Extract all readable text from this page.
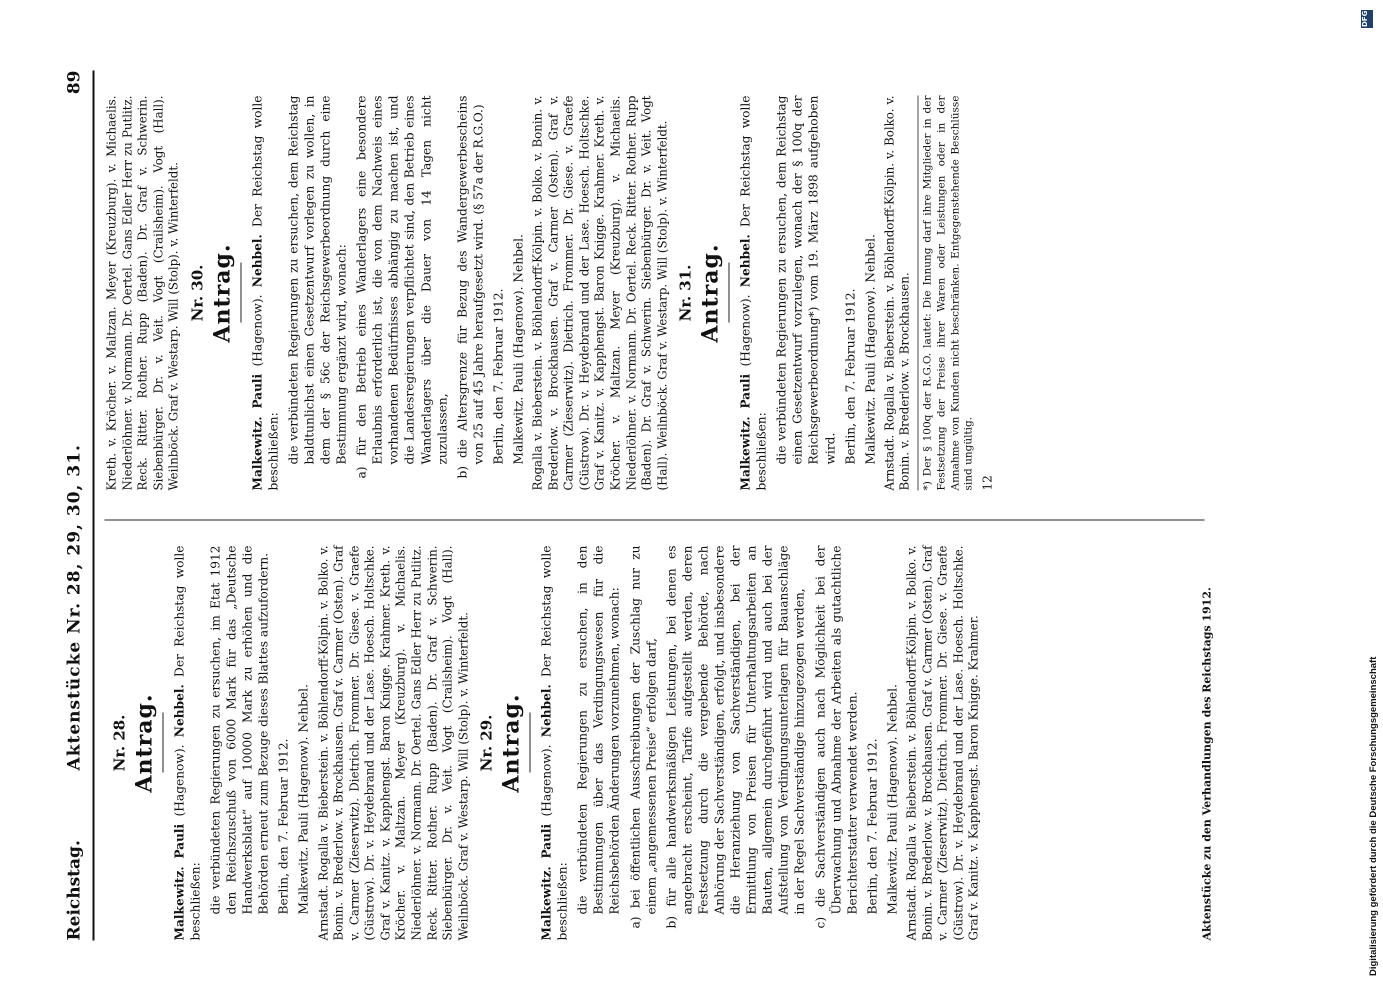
Reichstag.
Aktenstücke Nr. 28, 29, 30, 31.
89
Nr. 28. Antrag.

Malkewitz. Pauli (Hagenow). Nehbel. Der Reichstag wolle beschließen: die verbündeten Regierungen zu ersuchen, im Etat 1912 den Reichszuschuß von 6000 Mark für das „Deutsche Handwerksblatt“ auf 10000 Mark zu erhöhen und die Behörden erneut zum Bezuge dieses Blattes aufzufordern. Berlin, den 7. Februar 1912. Malkewitz. Pauli (Hagenow). Nehbel. Arnstadt. Rogalla v. Bieberstein. v. Böhlendorff-Kölpin. v. Bolko. v. Bonin. v. Brederlow. v. Brockhausen. Graf v. Carmer (Osten). Graf v. Carmer (Zieserwitz). Dietrich. Frommer. Dr. Giese. v. Graefe (Güstrow). Dr. v. Heydebrand und der Lase. Hoesch. Holtschke. Graf v. Kanitz. v. Kapphengst. Baron Knigge. Krahmer. Kreth. v. Kröcher. v. Maltzan. Meyer (Kreuzburg). v. Michaelis. Niederlöhner. v. Normann. Dr. Oertel. Gans Edler Herr zu Putlitz. Reck. Ritter. Rother. Rupp (Baden). Dr. Graf v. Schwerin. Siebenbürger. Dr. v. Veit. Vogt (Crailsheim). Vogt (Hall). Weilnböck. Graf v. Westarp. Will (Stolp). v. Winterfeldt. Nr. 29. Antrag.

Malkewitz. Pauli (Hagenow). Nehbel. Der Reichstag wolle beschließen: die verbündeten Regierungen zu ersuchen, in den Bestimmungen über das Verdingungswesen für die Reichsbehörden Änderungen vorzunehmen, wonach: a) bei öffentlichen Ausschreibungen der Zuschlag nur zu einem „angemessenen Preise“ erfolgen darf, b) für alle handwerksmäßigen Leistungen, bei denen es angebracht erscheint, Tarife aufgestellt werden, deren Festsetzung durch die vergebende Behörde, nach Anhörung der Sachverständigen, erfolgt, und insbesondere die Heranziehung von Sachverständigen, bei der Ermittlung von Preisen für Unterhaltungsarbeiten an Bauten, allgemein durchgeführt wird und auch bei der Aufstellung von Verdingungsunterlagen für Bauanschläge in der Regel Sachverständige hinzugezogen werden, c) die Sachverständigen auch nach Möglichkeit bei der Überwachung und Abnahme der Arbeiten als gutachtliche Berichterstatter verwendet werden. Berlin, den 7. Februar 1912. Malkewitz. Pauli (Hagenow). Nehbel. Arnstadt. Rogalla v. Bieberstein. v. Böhlendorff-Kölpin. v. Bolko. v. Bonin. v. Brederlow. v. Brockhausen. Graf v. Carmer (Osten). Graf v. Carmer (Zieserwitz). Dietrich. Frommer. Dr. Giese. v. Graefe (Güstrow). Dr. v. Heydebrand und der Lase. Hoesch. Holtschke. Graf v. Kanitz. v. Kapphengst. Baron Knigge. Krahmer.

Kreth. v. Kröcher. v. Maltzan. Meyer (Kreuzburg). v. Michaelis. Niederlöhner. v. Normann. Dr. Oertel. Gans Edler Herr zu Putlitz. Reck. Ritter. Rother. Rupp (Baden). Dr. Graf v. Schwerin. Siebenbürger. Dr. v. Veit. Vogt (Crailsheim). Vogt (Hall). Weilnböck. Graf v. Westarp. Will (Stolp). v. Winterfeldt. Nr. 30. Antrag.

Malkewitz. Pauli (Hagenow). Nehbel. Der Reichstag wolle beschließen: die verbündeten Regierungen zu ersuchen, dem Reichstag baldtunlichst einen Gesetzentwurf vorlegen zu wollen, in dem der § 56c der Reichsgewerbeordnung durch eine Bestimmung ergänzt wird, wonach: a) für den Betrieb eines Wanderlagers eine besondere Erlaubnis erforderlich ist, die von dem Nachweis eines vorhandenen Bedürfnisses abhängig zu machen ist, und die Landesregierungen verpflichtet sind, den Betrieb eines Wanderlagers über die Dauer von 14 Tagen nicht zuzulassen, b) die Altersgrenze für Bezug des Wandergewerbescheins von 25 auf 45 Jahre heraufgesetzt wird. (§ 57a der R.G.O.) Berlin, den 7. Februar 1912. Malkewitz. Pauli (Hagenow). Nehbel. Rogalla v. Bieberstein. v. Böhlendorff-Kölpin. v. Bolko. v. Bonin. v. Brederlow. v. Brockhausen. Graf v. Carmer (Osten). Graf v. Carmer (Zieserwitz). Dietrich. Frommer. Dr. Giese. v. Graefe (Güstrow). Dr. v. Heydebrand und der Lase. Hoesch. Holtschke. Graf v. Kanitz. v. Kapphengst. Baron Knigge. Krahmer. Kreth. v. Kröcher. v. Maltzan. Meyer (Kreuzburg). v. Michaelis. Niederlöhner. v. Normann. Dr. Oertel. Reck. Ritter. Rother. Rupp (Baden). Dr. Graf v. Schwerin. Siebenbürger. Dr. v. Veit. Vogt (Hall). Weilnböck. Graf v. Westarp. Will (Stolp). v. Winterfeldt. Nr. 31. Antrag.

Malkewitz. Pauli (Hagenow). Nehbel. Der Reichstag wolle beschließen: die verbündeten Regierungen zu ersuchen, dem Reichstag einen Gesetzentwurf vorzulegen, wonach der § 100q der Reichsgewerbeordnung*) vom 19. März 1898 aufgehoben wird. Berlin, den 7. Februar 1912. Malkewitz. Pauli (Hagenow). Nehbel. Arnstadt. Rogalla v. Bieberstein. v. Böhlendorff-Kölpin. v. Bolko. v. Bonin. v. Brederlow. v. Brockhausen. *) Der § 100q der R.G.O. lautet: Die Innung darf ihre Mitglieder in der Festsetzung der Preise ihrer Waren oder Leistungen oder in der Annahme von Kunden nicht beschränken. Entgegenstehende Beschlüsse sind ungültig. 12

Aktenstücke zu den Verhandlungen des Reichstags 1912.
DFG
Digitalisierung gefördert durch die Deutsche Forschungsgemeinschaft
